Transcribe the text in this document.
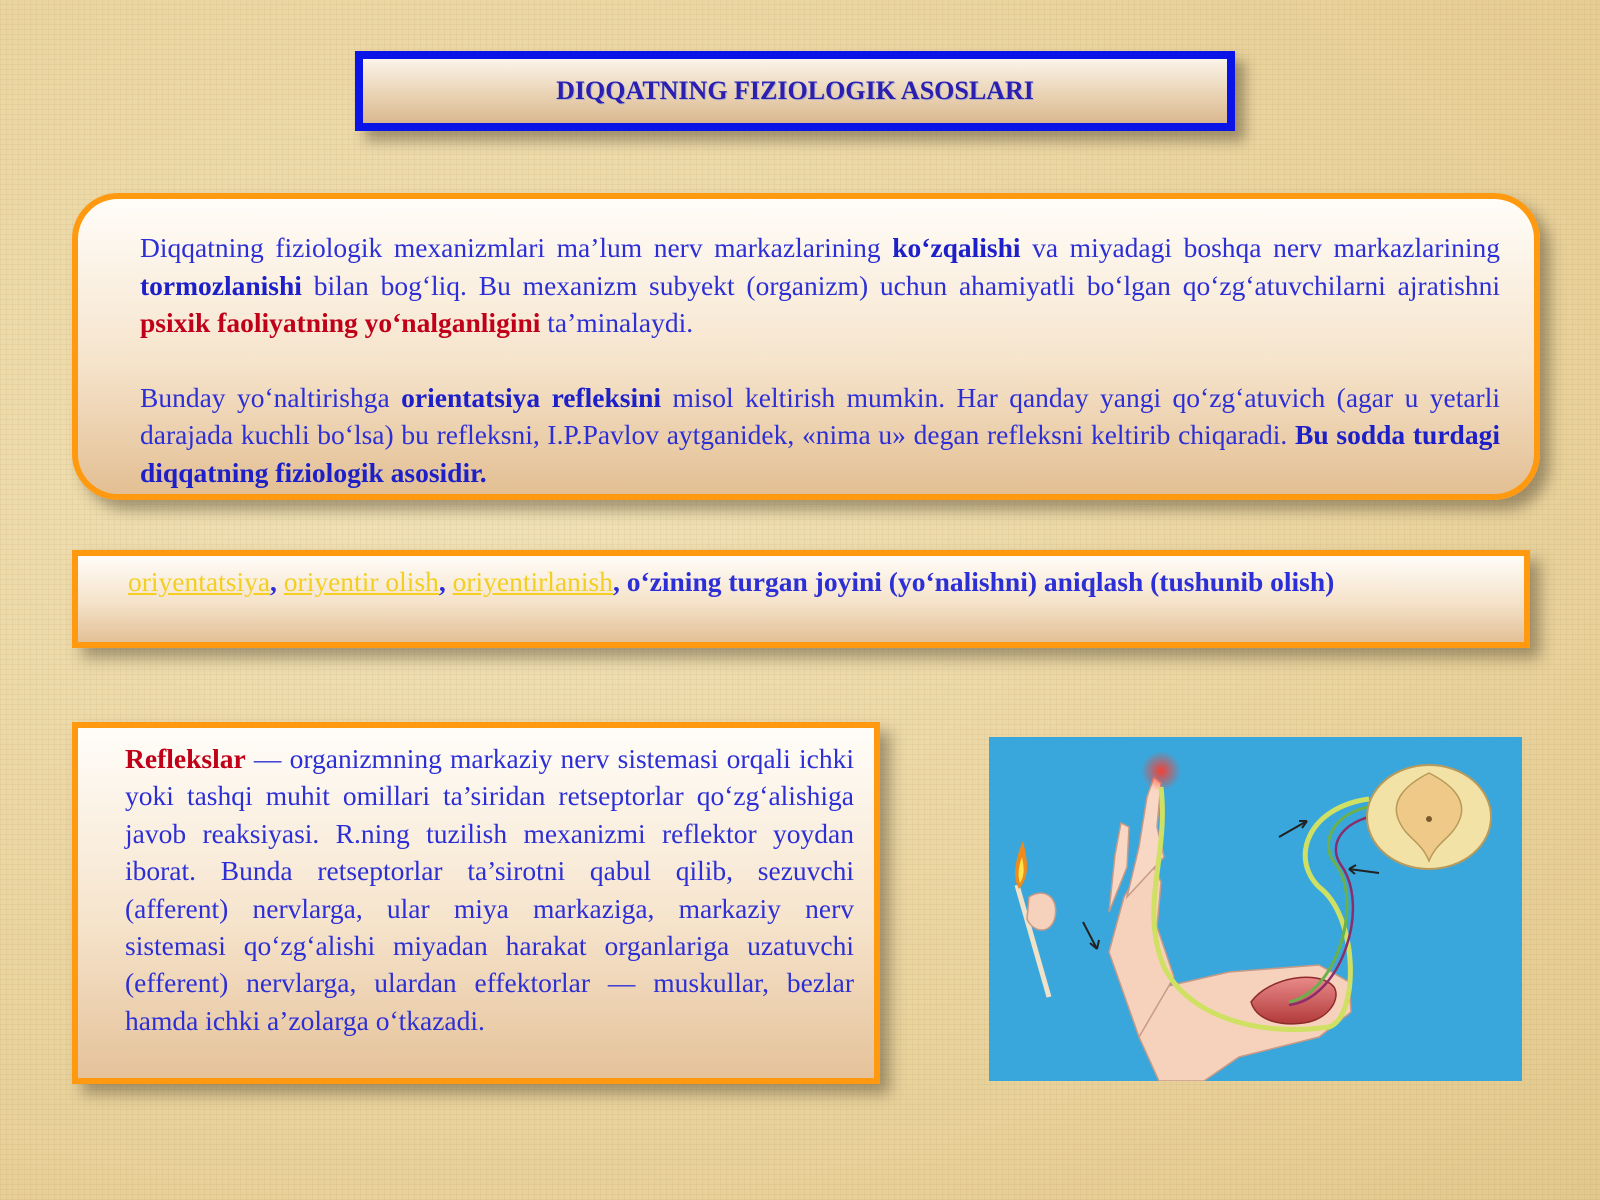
DIQQATNING FIZIOLOGIK ASOSLARI

Diqqatning fiziologik mexanizmlari ma’lum nerv markazlarining ko‘zqalishi va miyadagi boshqa nerv markazlarining tormozlanishi bilan bog‘liq. Bu mexanizm subyekt (organizm) uchun ahamiyatli bo‘lgan qo‘zg‘atuvchilarni ajratishni psixik faoliyatning yo‘nalganligini ta’minalaydi.

Bunday yo‘naltirishga orientatsiya refleksini misol keltirish mumkin. Har qanday yangi qo‘zg‘atuvich (agar u yetarli darajada kuchli bo‘lsa) bu refleksni, I.P.Pavlov aytganidek, «nima u» degan refleksni keltirib chiqaradi. Bu sodda turdagi diqqatning fiziologik asosidir.

oriyentatsiya, oriyentir olish, oriyentirlanish, o‘zining turgan joyini (yo‘nalishni) aniqlash (tushunib olish)

Reflekslar — organizmning markaziy nerv sistemasi orqali ichki yoki tashqi muhit omillari ta’siridan retseptorlar qo‘zg‘alishiga javob reaksiyasi. R.ning tuzilish mexanizmi reflektor yoydan iborat. Bunda retseptorlar ta’sirotni qabul qilib, sezuvchi (afferent) nervlarga, ular miya markaziga, markaziy nerv sistemasi qo‘zg‘alishi miyadan harakat organlariga uzatuvchi (efferent) nervlarga, ulardan effektorlar — muskullar, bezlar hamda ichki a’zolarga o‘tkazadi.
